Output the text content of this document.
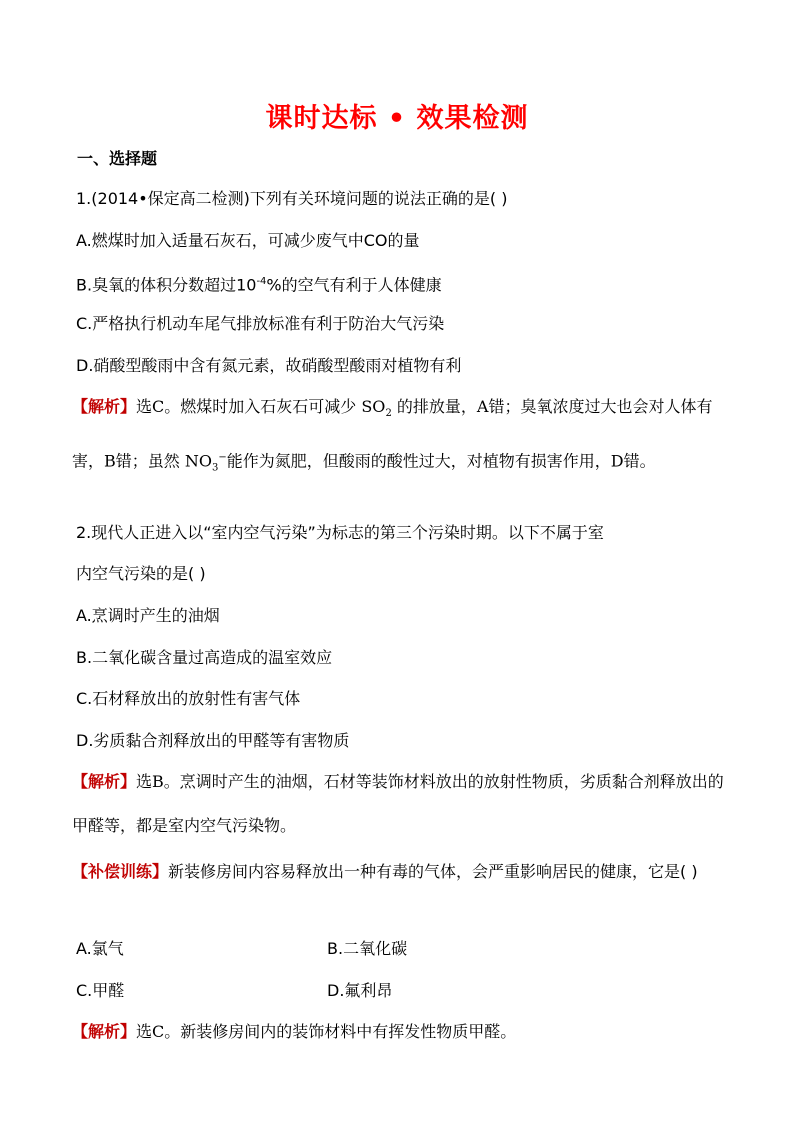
课时达标 • 效果检测
一、选择题
1.(2014•保定高二检测)下列有关环境问题的说法正确的是( )
A.燃煤时加入适量石灰石，可减少废气中CO的量
B.臭氧的体积分数超过$10^{-4}\%$的空气有利于人体健康
C.严格执行机动车尾气排放标准有利于防治大气污染
D.硝酸型酸雨中含有氮元素，故硝酸型酸雨对植物有利
【解析】选C。燃煤时加入石灰石可减少 $SO_2$ 的排放量，A错；臭氧浓度过大也会对人体有害，B错；虽然 $NO_3^-$能作为氮肥，但酸雨的酸性过大，对植物有损害作用，D错。
2.现代人正进入以“室内空气污染”为标志的第三个污染时期。以下不属于室
内空气污染的是( )
A.烹调时产生的油烟
B.二氧化碳含量过高造成的温室效应
C.石材释放出的放射性有害气体
D.劣质黏合剂释放出的甲醛等有害物质
【解析】选B。烹调时产生的油烟，石材等装饰材料放出的放射性物质，劣质黏合剂释放出的甲醛等，都是室内空气污染物。
【补偿训练】新装修房间内容易释放出一种有毒的气体，会严重影响居民的健康，它是( )
A.氯气	B.二氧化碳
C.甲醛	D.氟利昂
【解析】选C。新装修房间内的装饰材料中有挥发性物质甲醛。
